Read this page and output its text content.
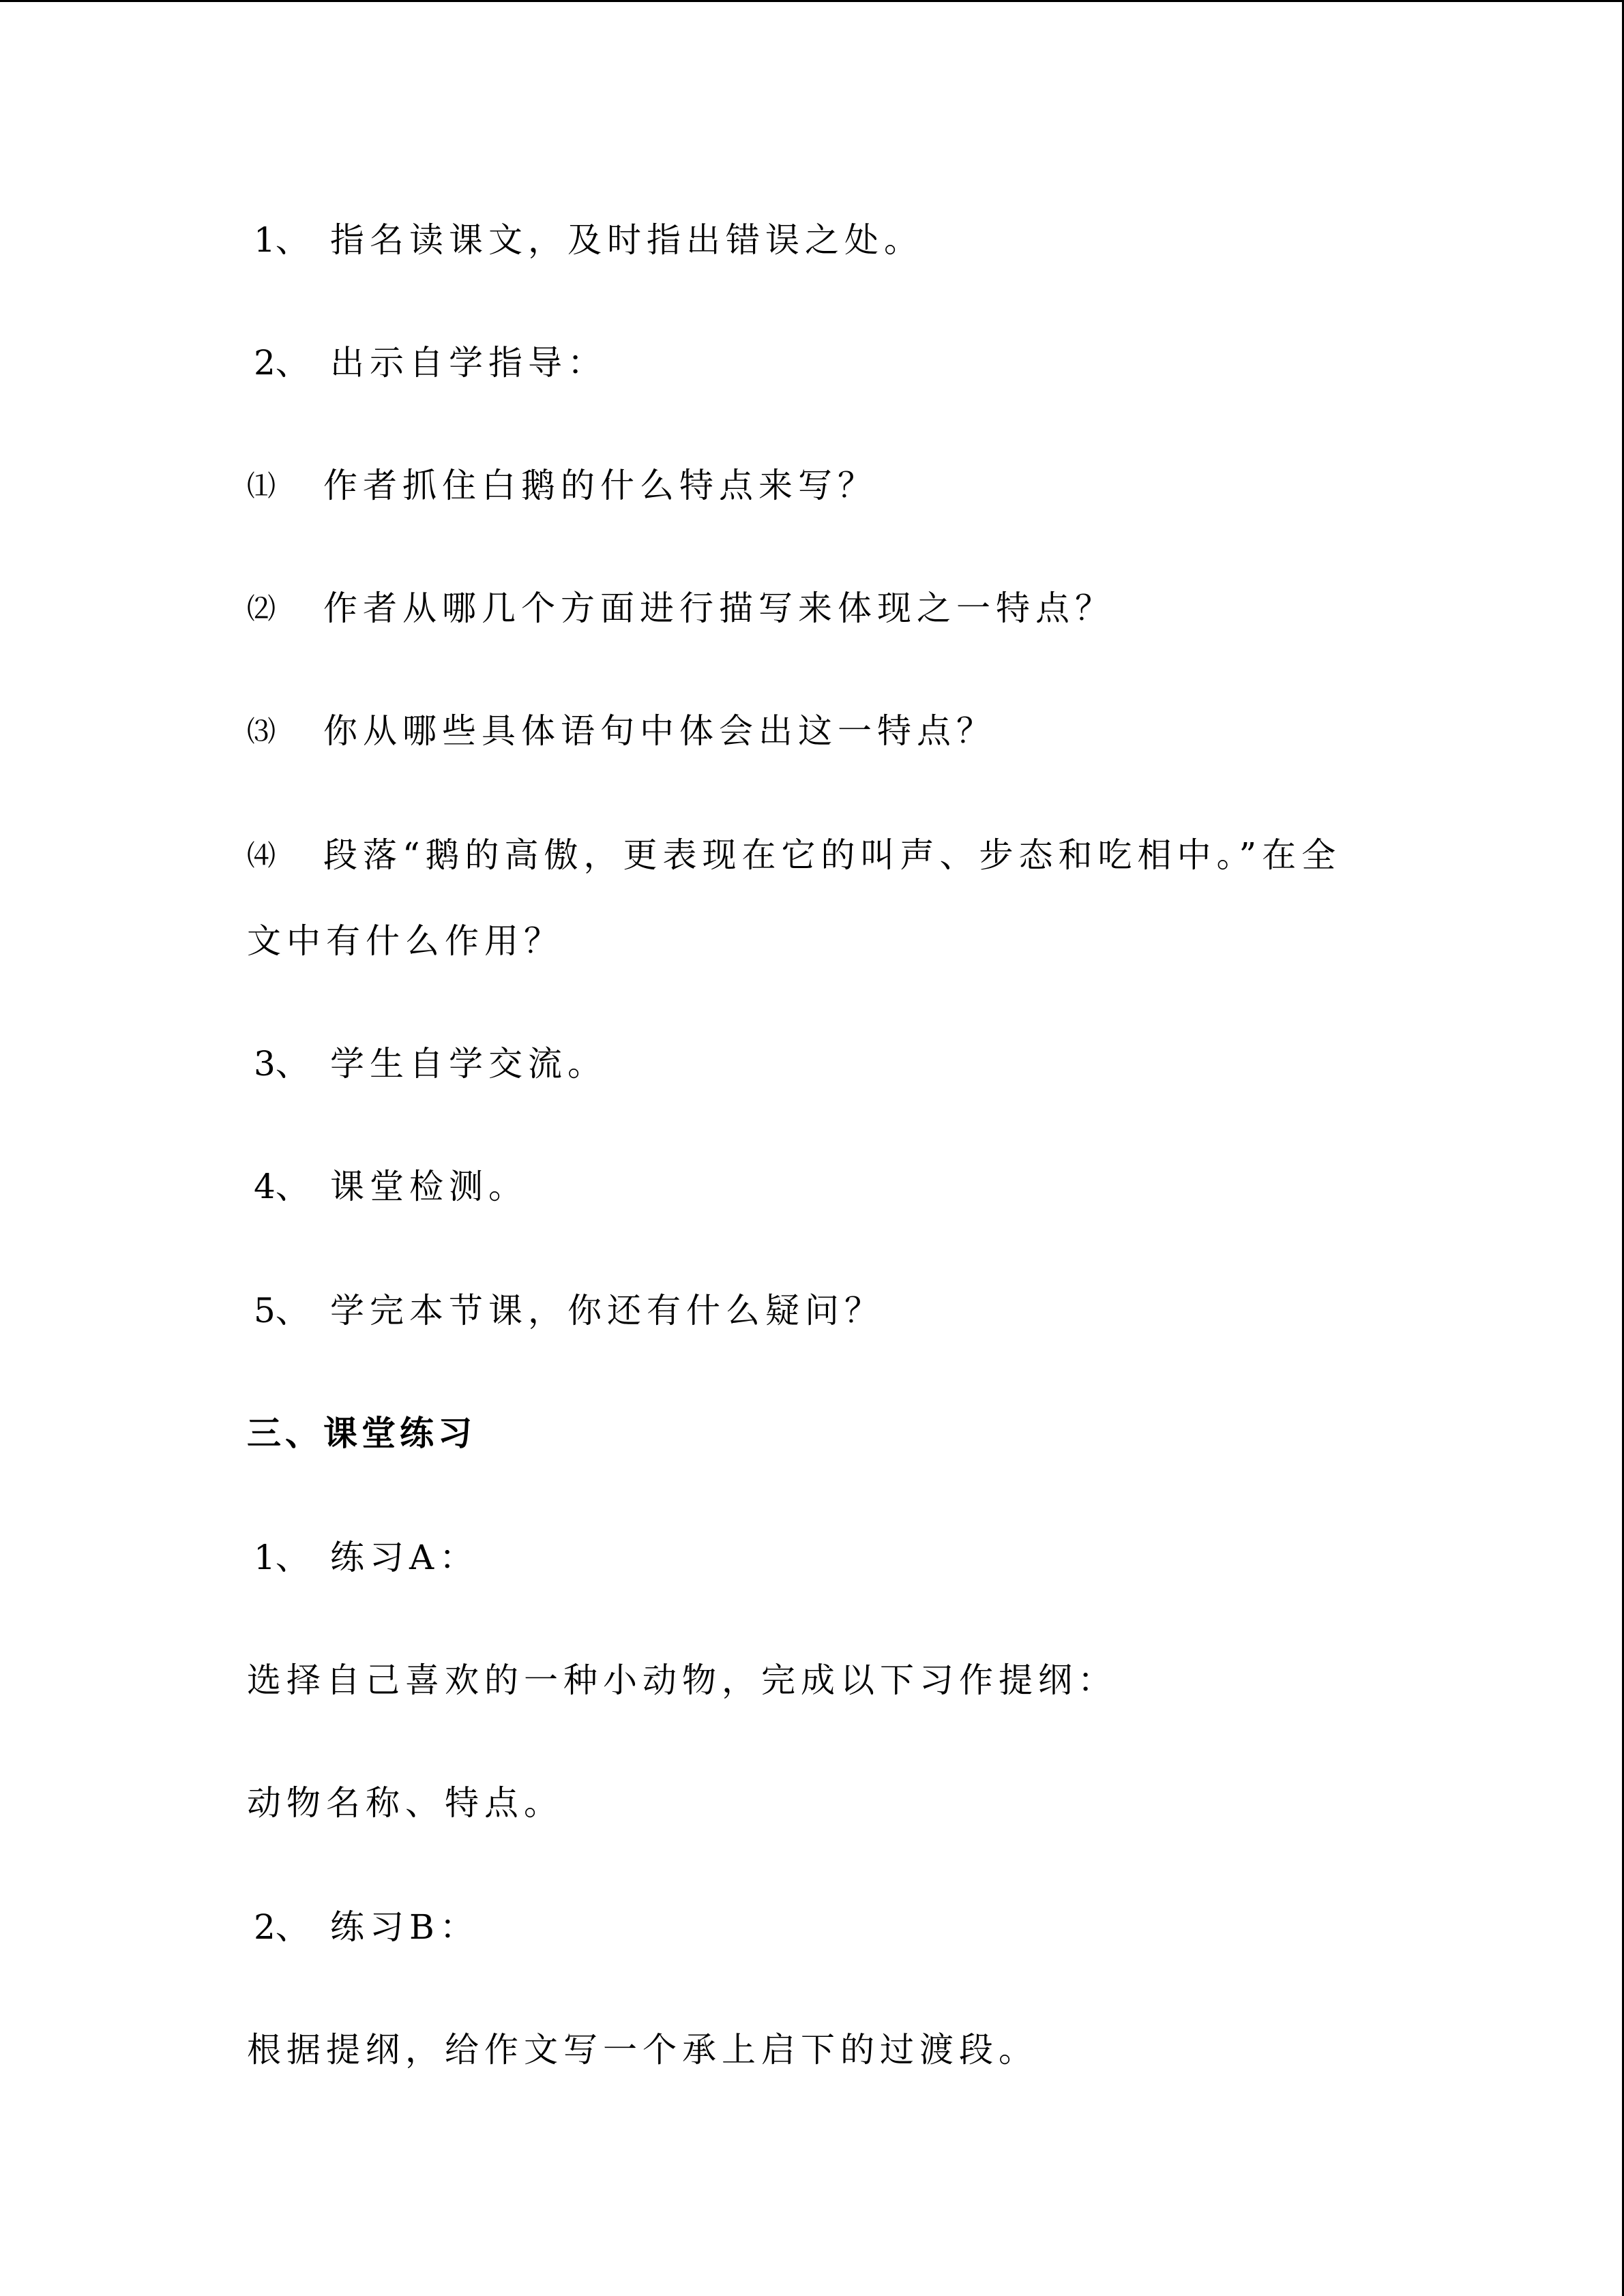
1、 指名读课文，及时指出错误之处。
2、 出示自学指导：
⑴ 作者抓住白鹅的什么特点来写？
⑵ 作者从哪几个方面进行描写来体现之一特点？
⑶ 你从哪些具体语句中体会出这一特点？
⑷ 段落“鹅的高傲，更表现在它的叫声、步态和吃相中。”在全
文中有什么作用？
3、 学生自学交流。
4、 课堂检测。
5、 学完本节课，你还有什么疑问？
三、课堂练习
1、 练习A：
选择自己喜欢的一种小动物，完成以下习作提纲：
动物名称、特点。
2、 练习B：
根据提纲，给作文写一个承上启下的过渡段。
